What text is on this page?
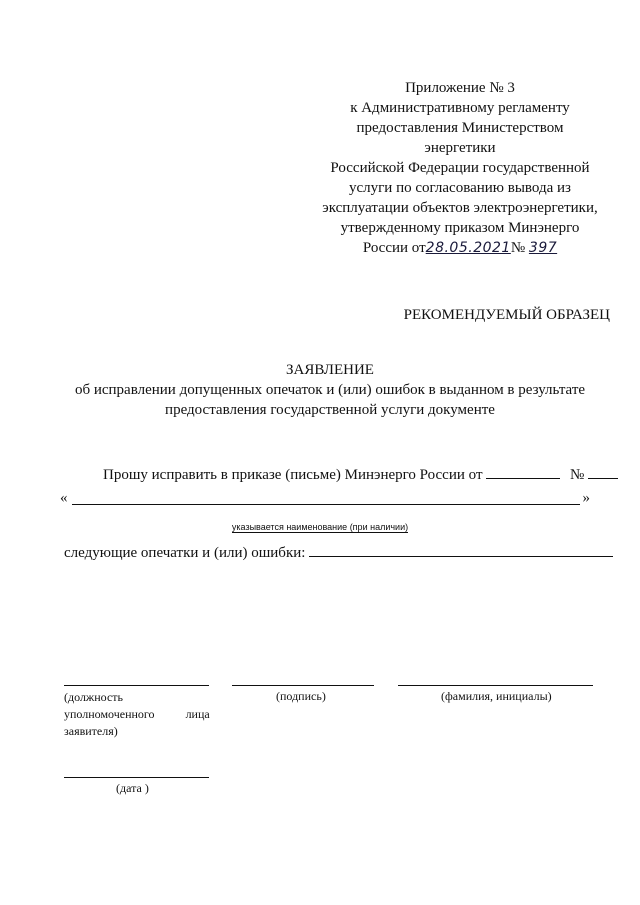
Приложение № 3
к Административному регламенту
предоставления Министерством энергетики
Российской Федерации государственной
услуги по согласованию вывода из
эксплуатации объектов электроэнергетики,
утвержденному приказом Минэнерго
России от28.05.2021№ 397
РЕКОМЕНДУЕМЫЙ ОБРАЗЕЦ
ЗАЯВЛЕНИЕ
об исправлении допущенных опечаток и (или) ошибок в выданном в результате
предоставления государственной услуги документе
Прошу исправить в приказе (письме) Минэнерго России от	№
«	»
указывается наименование (при наличии)
следующие опечатки и (или) ошибки:
(должность
уполномоченного	лица
заявителя)
(подпись)	(фамилия, инициалы)
(дата )
